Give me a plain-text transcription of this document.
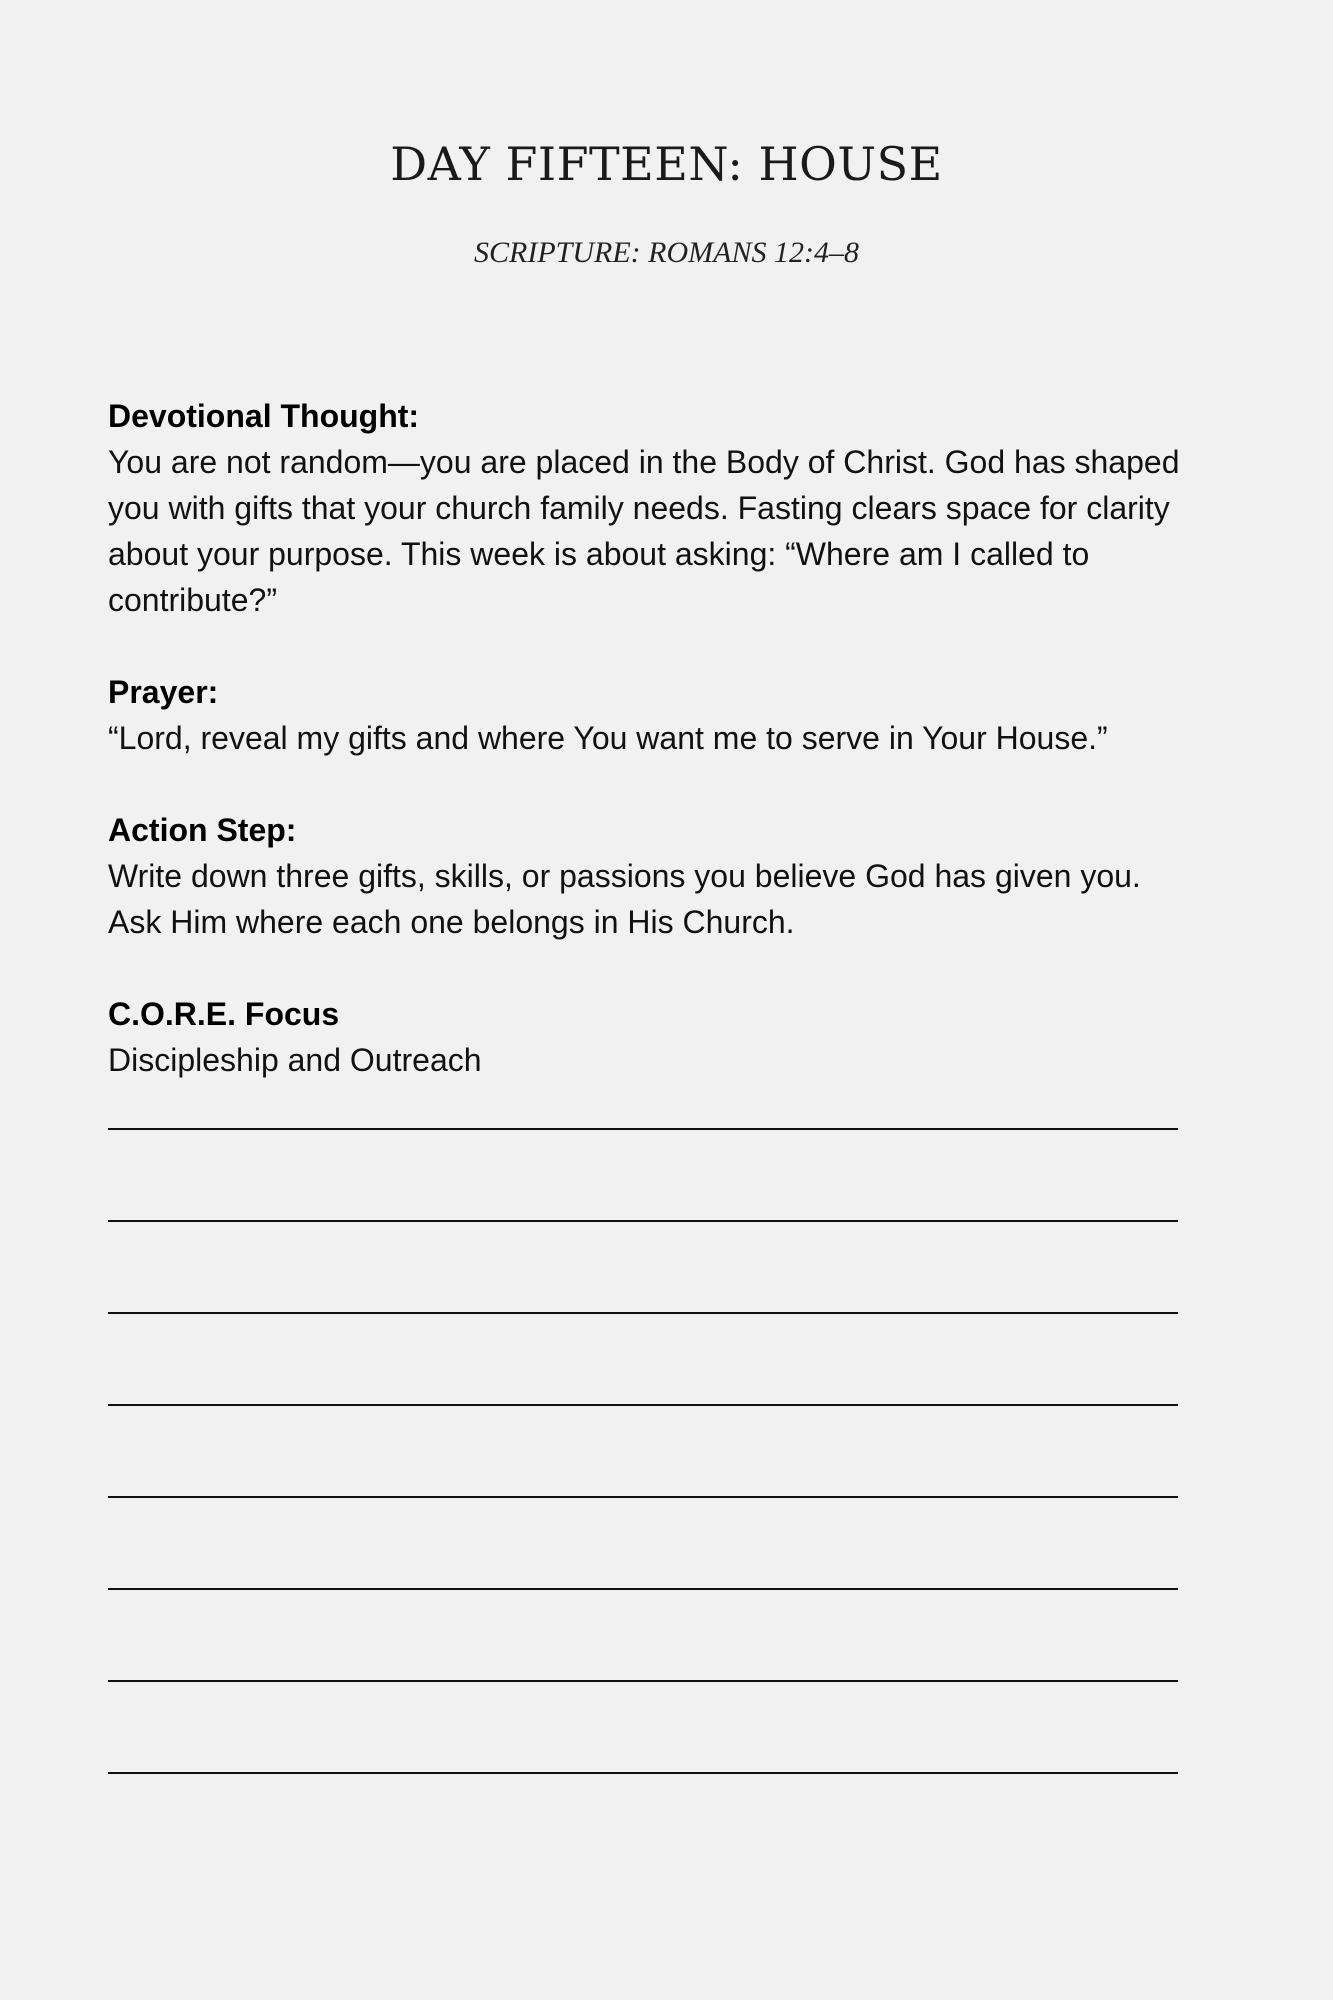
DAY FIFTEEN: HOUSE

SCRIPTURE: ROMANS 12:4–8

Devotional Thought:
You are not random—you are placed in the Body of Christ. God has shaped you with gifts that your church family needs. Fasting clears space for clarity about your purpose. This week is about asking: “Where am I called to contribute?”
Prayer:
“Lord, reveal my gifts and where You want me to serve in Your House.”
Action Step:
Write down three gifts, skills, or passions you believe God has given you. Ask Him where each one belongs in His Church.
C.O.R.E. Focus
Discipleship and Outreach
